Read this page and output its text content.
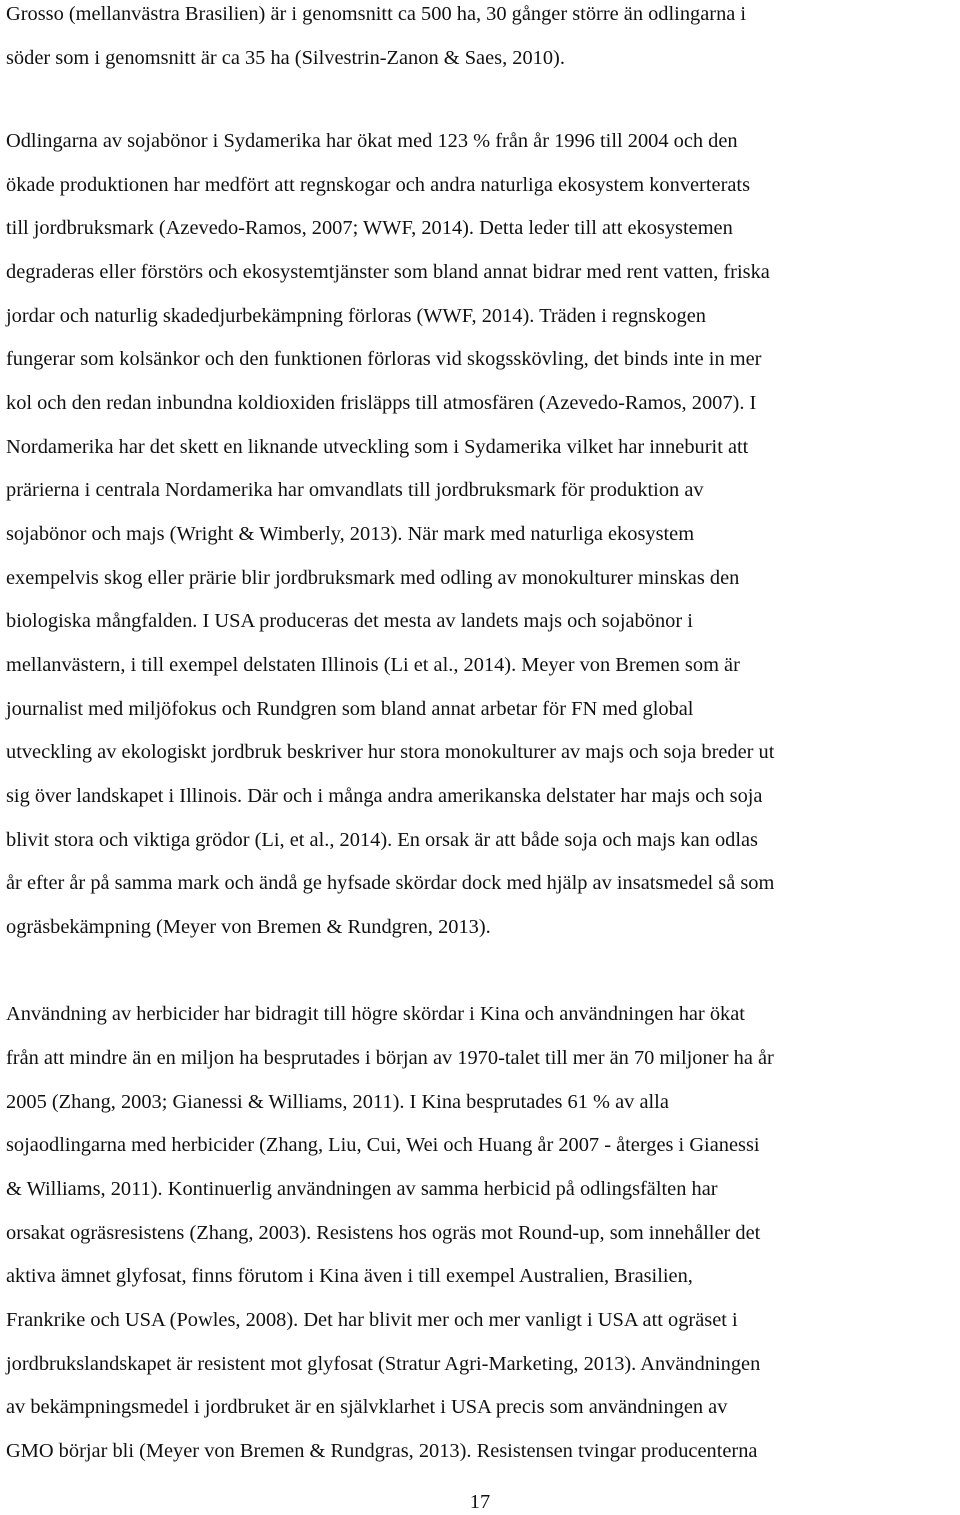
Grosso (mellanvästra Brasilien) är i genomsnitt ca 500 ha, 30 gånger större än odlingarna i
söder som i genomsnitt är ca 35 ha (Silvestrin-Zanon & Saes, 2010).
Odlingarna av sojabönor i Sydamerika har ökat med 123 % från år 1996 till 2004 och den
ökade produktionen har medfört att regnskogar och andra naturliga ekosystem konverterats
till jordbruksmark (Azevedo-Ramos, 2007; WWF, 2014). Detta leder till att ekosystemen
degraderas eller förstörs och ekosystemtjänster som bland annat bidrar med rent vatten, friska
jordar och naturlig skadedjurbekämpning förloras (WWF, 2014). Träden i regnskogen
fungerar som kolsänkor och den funktionen förloras vid skogsskövling, det binds inte in mer
kol och den redan inbundna koldioxiden frisläpps till atmosfären (Azevedo-Ramos, 2007). I
Nordamerika har det skett en liknande utveckling som i Sydamerika vilket har inneburit att
prärierna i centrala Nordamerika har omvandlats till jordbruksmark för produktion av
sojabönor och majs (Wright & Wimberly, 2013). När mark med naturliga ekosystem
exempelvis skog eller prärie blir jordbruksmark med odling av monokulturer minskas den
biologiska mångfalden. I USA produceras det mesta av landets majs och sojabönor i
mellanvästern, i till exempel delstaten Illinois (Li et al., 2014). Meyer von Bremen som är
journalist med miljöfokus och Rundgren som bland annat arbetar för FN med global
utveckling av ekologiskt jordbruk beskriver hur stora monokulturer av majs och soja breder ut
sig över landskapet i Illinois. Där och i många andra amerikanska delstater har majs och soja
blivit stora och viktiga grödor (Li, et al., 2014). En orsak är att både soja och majs kan odlas
år efter år på samma mark och ändå ge hyfsade skördar dock med hjälp av insatsmedel så som
ogräsbekämpning (Meyer von Bremen & Rundgren, 2013).
Användning av herbicider har bidragit till högre skördar i Kina och användningen har ökat
från att mindre än en miljon ha besprutades i början av 1970-talet till mer än 70 miljoner ha år
2005 (Zhang, 2003; Gianessi & Williams, 2011). I Kina besprutades 61 % av alla
sojaodlingarna med herbicider (Zhang, Liu, Cui, Wei och Huang år 2007 - återges i Gianessi
& Williams, 2011). Kontinuerlig användningen av samma herbicid på odlingsfälten har
orsakat ogräsresistens (Zhang, 2003). Resistens hos ogräs mot Round-up, som innehåller det
aktiva ämnet glyfosat, finns förutom i Kina även i till exempel Australien, Brasilien,
Frankrike och USA (Powles, 2008). Det har blivit mer och mer vanligt i USA att ogräset i
jordbrukslandskapet är resistent mot glyfosat (Stratur Agri-Marketing, 2013). Användningen
av bekämpningsmedel i jordbruket är en självklarhet i USA precis som användningen av
GMO börjar bli (Meyer von Bremen & Rundgras, 2013). Resistensen tvingar producenterna
17
